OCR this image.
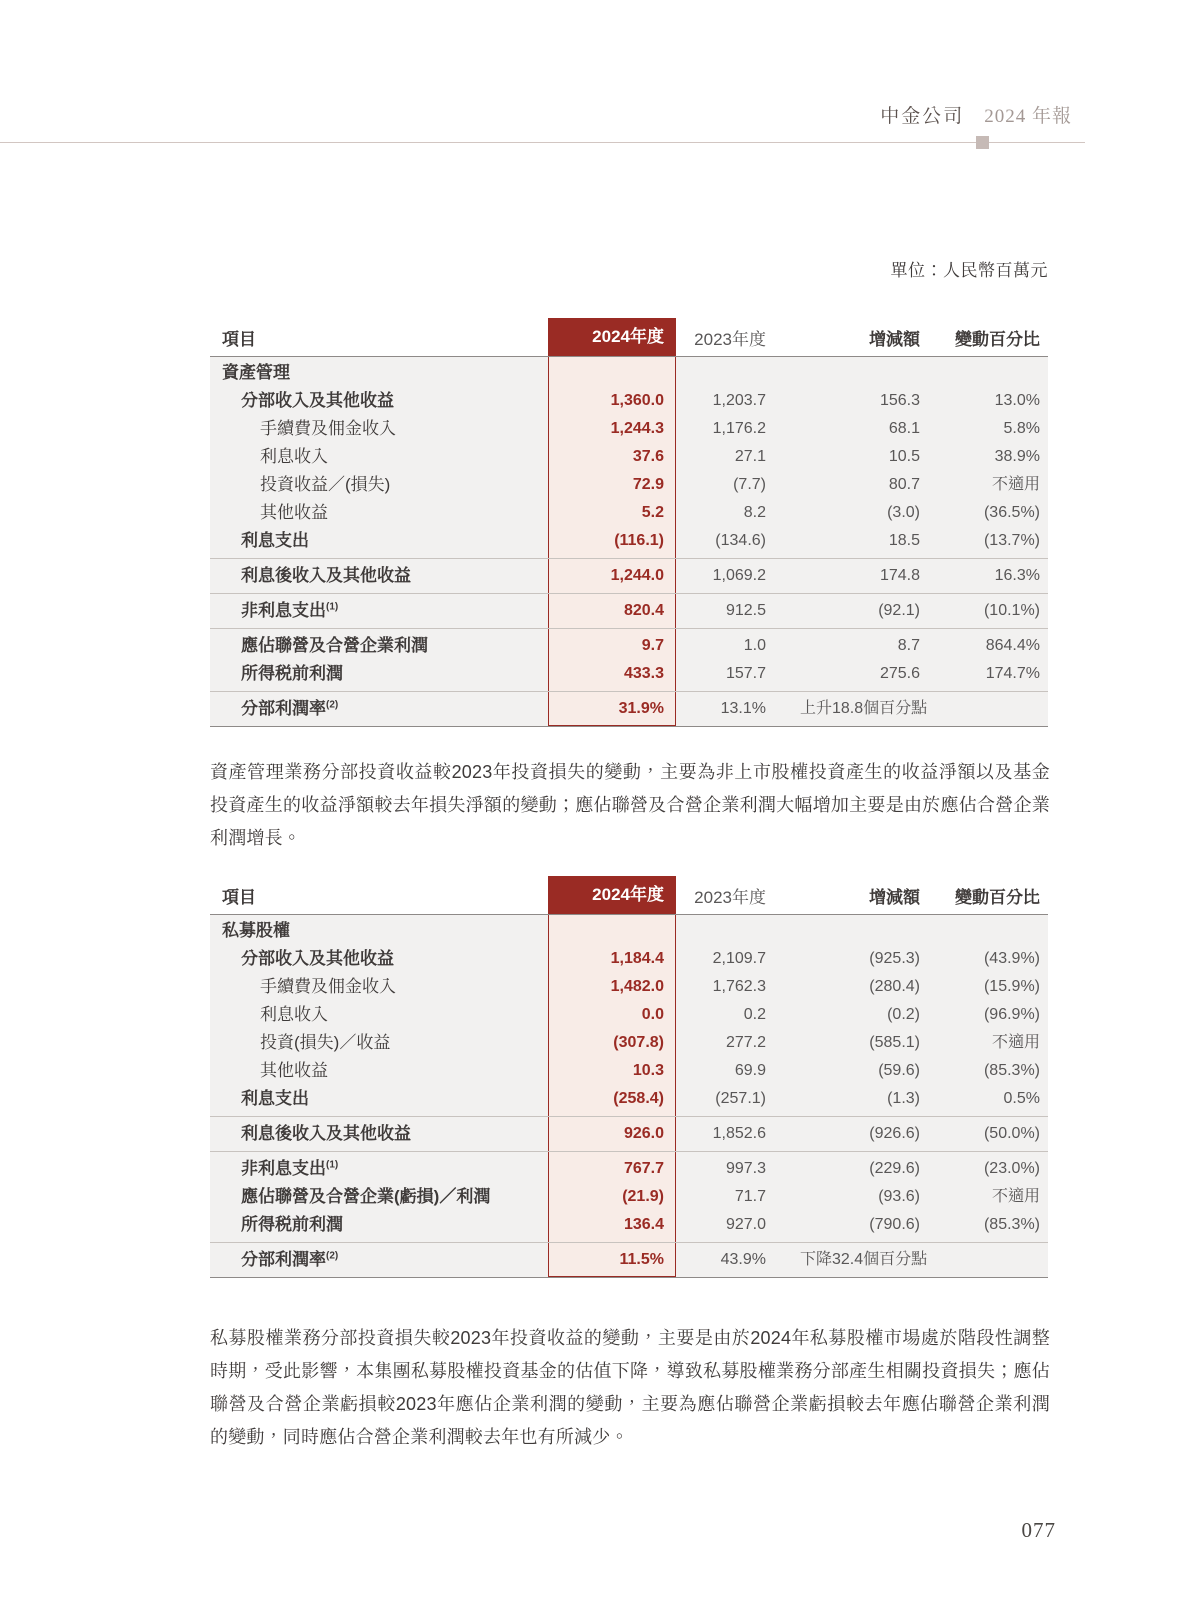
中金公司 2024 年報
單位：人民幣百萬元
項目	2024年度	2023年度	增減額	變動百分比
資產管理
分部收入及其他收益	1,360.0	1,203.7	156.3	13.0%
手續費及佣金收入	1,244.3	1,176.2	68.1	5.8%
利息收入	37.6	27.1	10.5	38.9%
投資收益／(損失)	72.9	(7.7)	80.7	不適用
其他收益	5.2	8.2	(3.0)	(36.5%)
利息支出	(116.1)	(134.6)	18.5	(13.7%)
利息後收入及其他收益	1,244.0	1,069.2	174.8	16.3%
非利息支出$^{(1)}$	820.4	912.5	(92.1)	(10.1%)
應佔聯營及合營企業利潤	9.7	1.0	8.7	864.4%
所得税前利潤	433.3	157.7	275.6	174.7%
分部利潤率$^{(2)}$	31.9%	13.1%	上升18.8個百分點

資產管理業務分部投資收益較2023年投資損失的變動，主要為非上市股權投資產生的收益淨額以及基金投資產生的收益淨額較去年損失淨額的變動；應佔聯營及合營企業利潤大幅增加主要是由於應佔合營企業利潤增長。

項目	2024年度	2023年度	增減額	變動百分比
私募股權
分部收入及其他收益	1,184.4	2,109.7	(925.3)	(43.9%)
手續費及佣金收入	1,482.0	1,762.3	(280.4)	(15.9%)
利息收入	0.0	0.2	(0.2)	(96.9%)
投資(損失)／收益	(307.8)	277.2	(585.1)	不適用
其他收益	10.3	69.9	(59.6)	(85.3%)
利息支出	(258.4)	(257.1)	(1.3)	0.5%
利息後收入及其他收益	926.0	1,852.6	(926.6)	(50.0%)
非利息支出$^{(1)}$	767.7	997.3	(229.6)	(23.0%)
應佔聯營及合營企業(虧損)／利潤	(21.9)	71.7	(93.6)	不適用
所得税前利潤	136.4	927.0	(790.6)	(85.3%)
分部利潤率$^{(2)}$	11.5%	43.9%	下降32.4個百分點

私募股權業務分部投資損失較2023年投資收益的變動，主要是由於2024年私募股權市場處於階段性調整時期，受此影響，本集團私募股權投資基金的估值下降，導致私募股權業務分部產生相關投資損失；應佔聯營及合營企業虧損較2023年應佔企業利潤的變動，主要為應佔聯營企業虧損較去年應佔聯營企業利潤的變動，同時應佔合營企業利潤較去年也有所減少。

077
